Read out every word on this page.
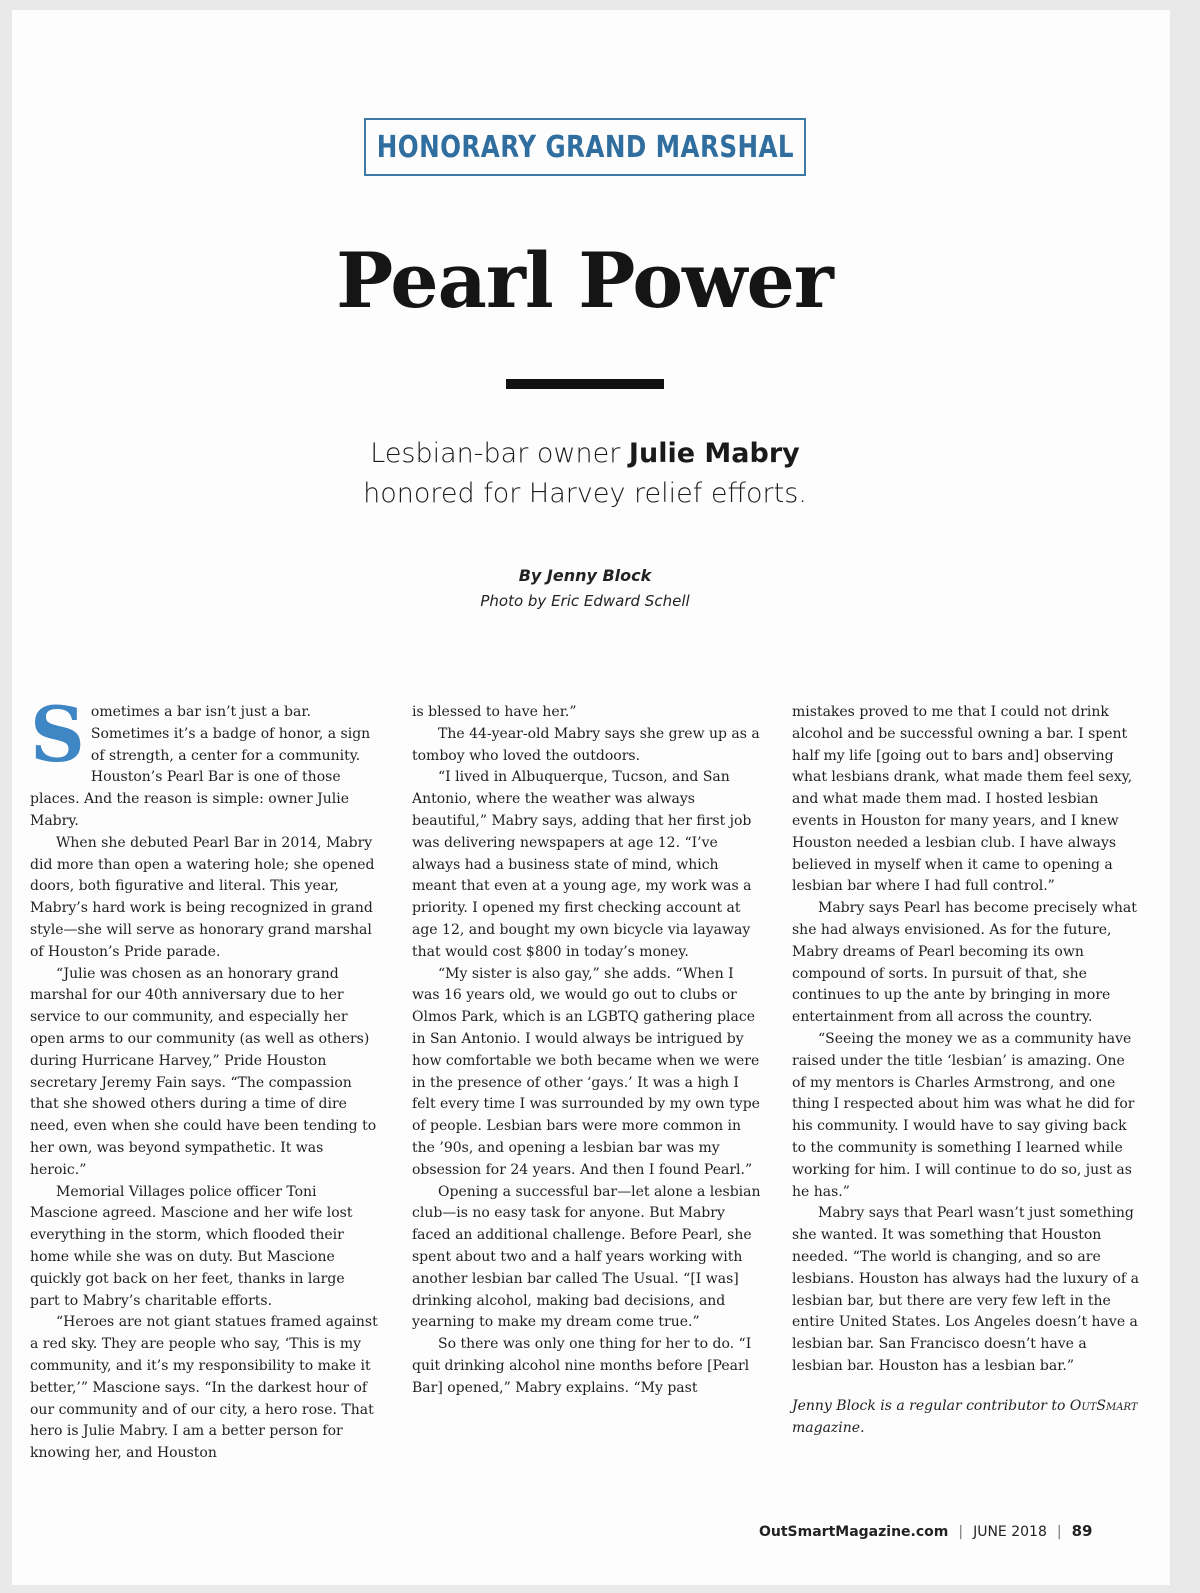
HONORARY GRAND MARSHAL
Pearl Power
Lesbian-bar owner Julie Mabry
honored for Harvey relief efforts.
By Jenny Block
Photo by Eric Edward Schell

Sometimes a bar isn’t just a bar. Sometimes it’s a badge of honor, a sign of strength, a center for a community. Houston’s Pearl Bar is one of those places. And the reason is simple: owner Julie Mabry.

When she debuted Pearl Bar in 2014, Mabry did more than open a watering hole; she opened doors, both figurative and literal. This year, Mabry’s hard work is being recognized in grand style—she will serve as honorary grand marshal of Houston’s Pride parade.

“Julie was chosen as an honorary grand marshal for our 40th anniversary due to her service to our community, and especially her open arms to our community (as well as others) during Hurricane Harvey,” Pride Houston secretary Jeremy Fain says. “The compassion that she showed others during a time of dire need, even when she could have been tending to her own, was beyond sympathetic. It was heroic.”

Memorial Villages police officer Toni Mascione agreed. Mascione and her wife lost everything in the storm, which flooded their home while she was on duty. But Mascione quickly got back on her feet, thanks in large part to Mabry’s charitable efforts.

“Heroes are not giant statues framed against a red sky. They are people who say, ‘This is my community, and it’s my responsibility to make it better,’” Mascione says. “In the darkest hour of our community and of our city, a hero rose. That hero is Julie Mabry. I am a better person for knowing her, and Houston

is blessed to have her.”

The 44-year-old Mabry says she grew up as a tomboy who loved the outdoors.

“I lived in Albuquerque, Tucson, and San Antonio, where the weather was always beautiful,” Mabry says, adding that her first job was delivering newspapers at age 12. “I’ve always had a business state of mind, which meant that even at a young age, my work was a priority. I opened my first checking account at age 12, and bought my own bicycle via layaway that would cost $800 in today’s money.

“My sister is also gay,” she adds. “When I was 16 years old, we would go out to clubs or Olmos Park, which is an LGBTQ gathering place in San Antonio. I would always be intrigued by how comfortable we both became when we were in the presence of other ‘gays.’ It was a high I felt every time I was surrounded by my own type of people. Lesbian bars were more common in the ’90s, and opening a lesbian bar was my obsession for 24 years. And then I found Pearl.”

Opening a successful bar—let alone a lesbian club—is no easy task for anyone. But Mabry faced an additional challenge. Before Pearl, she spent about two and a half years working with another lesbian bar called The Usual. “[I was] drinking alcohol, making bad decisions, and yearning to make my dream come true.”

So there was only one thing for her to do. “I quit drinking alcohol nine months before [Pearl Bar] opened,” Mabry explains. “My past

mistakes proved to me that I could not drink alcohol and be successful owning a bar. I spent half my life [going out to bars and] observing what lesbians drank, what made them feel sexy, and what made them mad. I hosted lesbian events in Houston for many years, and I knew Houston needed a lesbian club. I have always believed in myself when it came to opening a lesbian bar where I had full control.”

Mabry says Pearl has become precisely what she had always envisioned. As for the future, Mabry dreams of Pearl becoming its own compound of sorts. In pursuit of that, she continues to up the ante by bringing in more entertainment from all across the country.

“Seeing the money we as a community have raised under the title ‘lesbian’ is amazing. One of my mentors is Charles Armstrong, and one thing I respected about him was what he did for his community. I would have to say giving back to the community is something I learned while working for him. I will continue to do so, just as he has.”

Mabry says that Pearl wasn’t just something she wanted. It was something that Houston needed. “The world is changing, and so are lesbians. Houston has always had the luxury of a lesbian bar, but there are very few left in the entire United States. Los Angeles doesn’t have a lesbian bar. San Francisco doesn’t have a lesbian bar. Houston has a lesbian bar.”

Jenny Block is a regular contributor to OutSmart magazine.

OutSmartMagazine.com | JUNE 2018 | 89
